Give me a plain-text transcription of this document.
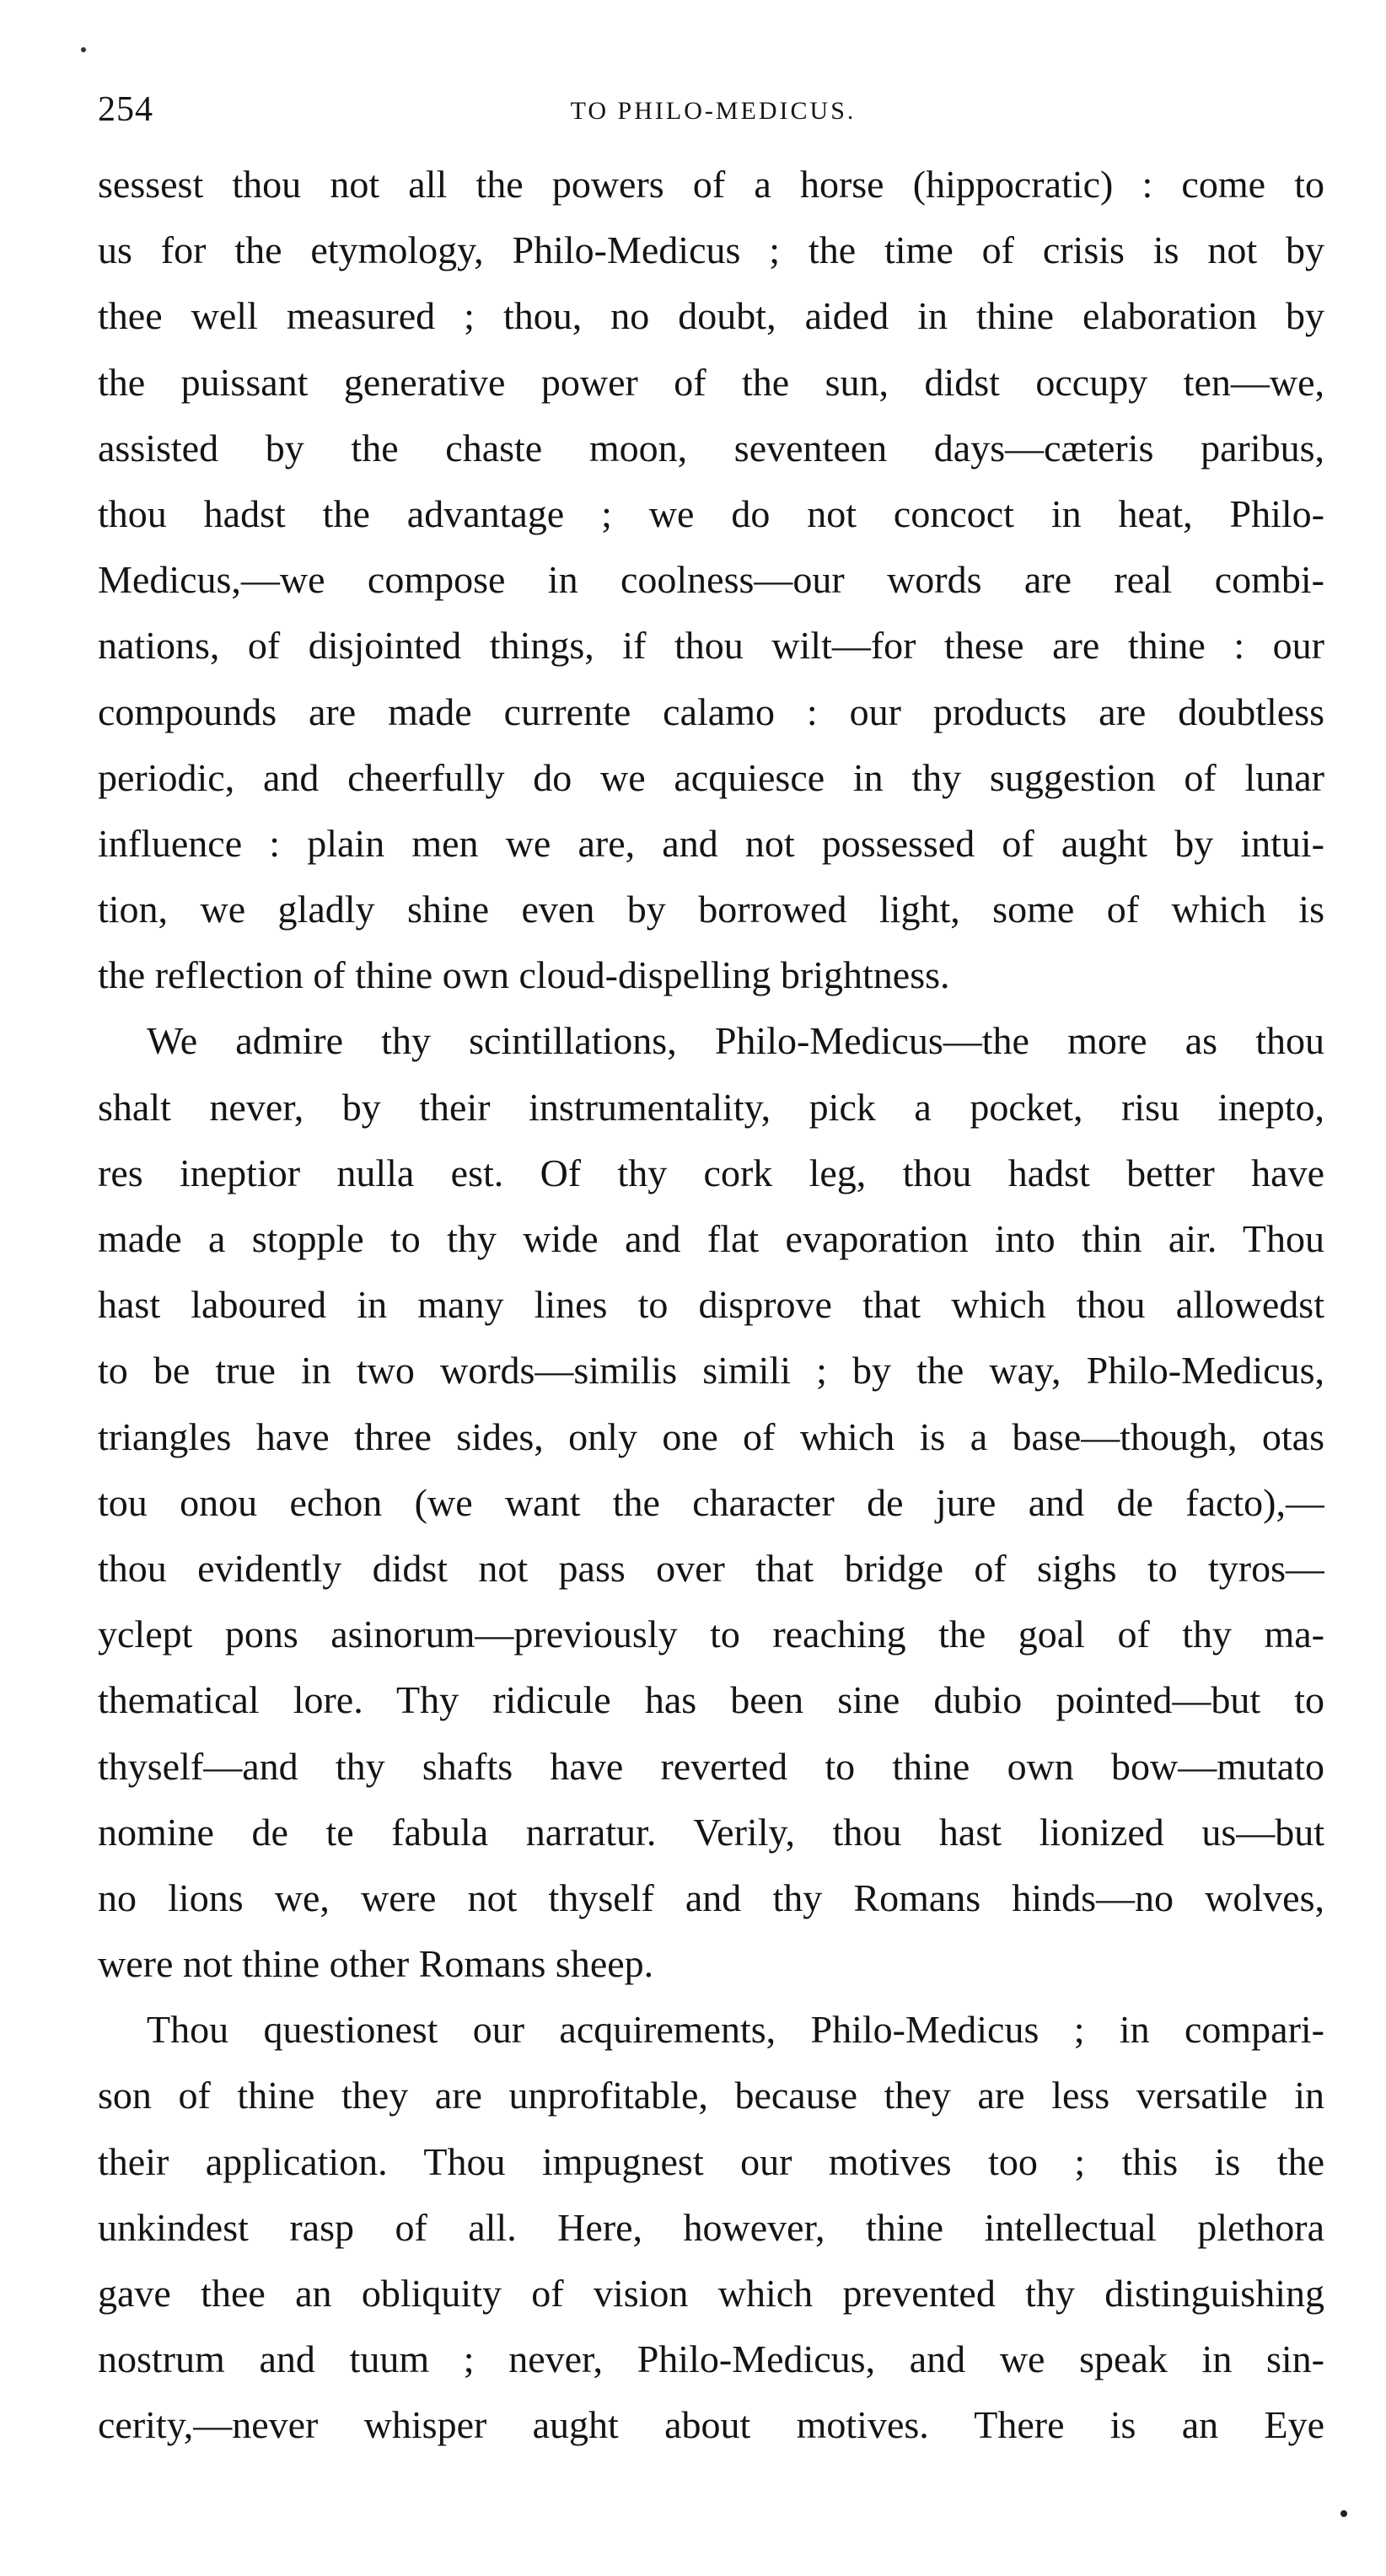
254	TO PHILO-MEDICUS.
sessest thou not all the powers of a horse (hippocratic) : come to
us for the etymology, Philo-Medicus ; the time of crisis is not by
thee well measured ; thou, no doubt, aided in thine elaboration by
the puissant generative power of the sun, didst occupy ten—we,
assisted by the chaste moon, seventeen days—cæteris paribus,
thou hadst the advantage ; we do not concoct in heat, Philo-
Medicus,—we compose in coolness—our words are real combi-
nations, of disjointed things, if thou wilt—for these are thine : our
compounds are made currente calamo : our products are doubtless
periodic, and cheerfully do we acquiesce in thy suggestion of lunar
influence : plain men we are, and not possessed of aught by intui-
tion, we gladly shine even by borrowed light, some of which is
the reflection of thine own cloud-dispelling brightness.
We admire thy scintillations, Philo-Medicus—the more as thou
shalt never, by their instrumentality, pick a pocket, risu inepto,
res ineptior nulla est. Of thy cork leg, thou hadst better have
made a stopple to thy wide and flat evaporation into thin air. Thou
hast laboured in many lines to disprove that which thou allowedst
to be true in two words—similis simili ; by the way, Philo-Medicus,
triangles have three sides, only one of which is a base—though, otas
tou onou echon (we want the character de jure and de facto),—
thou evidently didst not pass over that bridge of sighs to tyros—
yclept pons asinorum—previously to reaching the goal of thy ma-
thematical lore. Thy ridicule has been sine dubio pointed—but to
thyself—and thy shafts have reverted to thine own bow—mutato
nomine de te fabula narratur. Verily, thou hast lionized us—but
no lions we, were not thyself and thy Romans hinds—no wolves,
were not thine other Romans sheep.
Thou questionest our acquirements, Philo-Medicus ; in compari-
son of thine they are unprofitable, because they are less versatile in
their application. Thou impugnest our motives too ; this is the
unkindest rasp of all. Here, however, thine intellectual plethora
gave thee an obliquity of vision which prevented thy distinguishing
nostrum and tuum ; never, Philo-Medicus, and we speak in sin-
cerity,—never whisper aught about motives. There is an Eye
